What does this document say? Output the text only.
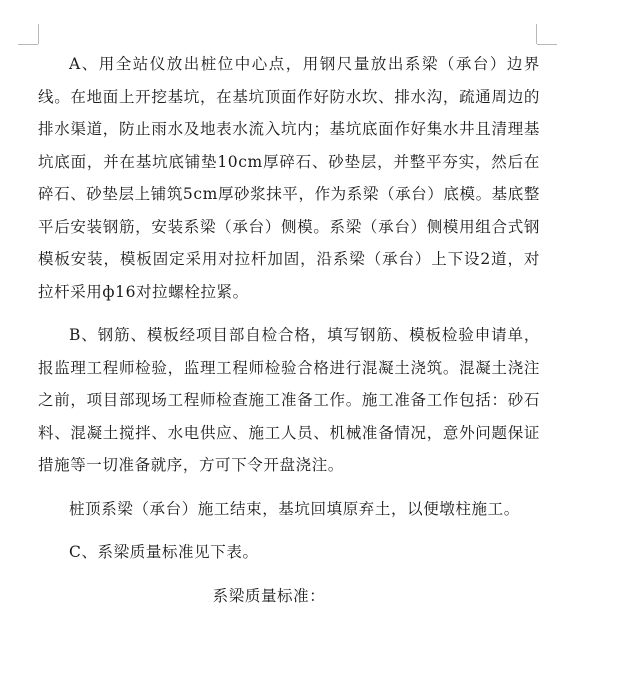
A、用全站仪放出桩位中心点，用钢尺量放出系梁（承台）边界线。在地面上开挖基坑，在基坑顶面作好防水坎、排水沟，疏通周边的排水渠道，防止雨水及地表水流入坑内；基坑底面作好集水井且清理基坑底面，并在基坑底铺垫10cm厚碎石、砂垫层，并整平夯实，然后在碎石、砂垫层上铺筑5cm厚砂浆抹平，作为系梁（承台）底模。基底整平后安装钢筋，安装系梁（承台）侧模。系梁（承台）侧模用组合式钢模板安装，模板固定采用对拉杆加固，沿系梁（承台）上下设2道，对拉杆采用ф16对拉螺栓拉紧。

B、钢筋、模板经项目部自检合格，填写钢筋、模板检验申请单，报监理工程师检验，监理工程师检验合格进行混凝土浇筑。混凝土浇注之前，项目部现场工程师检查施工准备工作。施工准备工作包括：砂石料、混凝土搅拌、水电供应、施工人员、机械准备情况，意外问题保证措施等一切准备就序，方可下令开盘浇注。

桩顶系梁（承台）施工结束，基坑回填原弃土，以便墩柱施工。

C、系梁质量标准见下表。

系梁质量标准：
